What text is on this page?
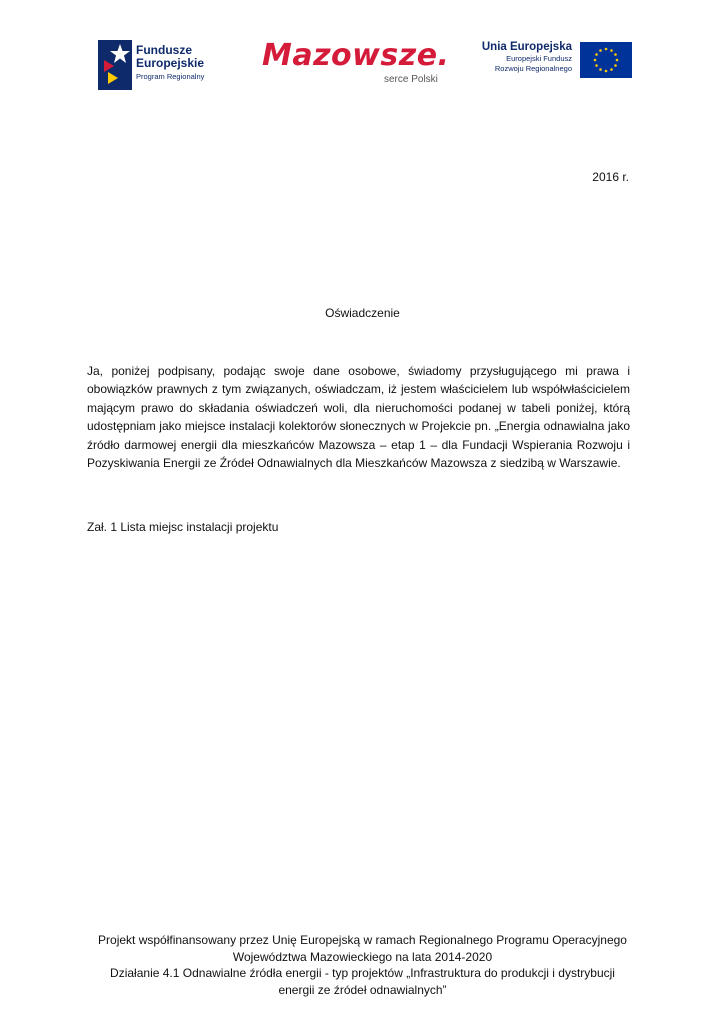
Fundusze
Europejskie
Program Regionalny
Mazowsze.
serce Polski
Unia Europejska
Europejski Fundusz
Rozwoju Regionalnego
2016 r.
Oświadczenie
Ja, poniżej podpisany, podając swoje dane osobowe, świadomy przysługującego mi prawa i obowiązków prawnych z tym związanych, oświadczam, iż jestem właścicielem lub współwłaścicielem mającym prawo do składania oświadczeń woli, dla nieruchomości podanej w tabeli poniżej, którą udostępniam jako miejsce instalacji kolektorów słonecznych w Projekcie pn. „Energia odnawialna jako źródło darmowej energii dla mieszkańców Mazowsza – etap 1 – dla Fundacji Wspierania Rozwoju i Pozyskiwania Energii ze Źródeł Odnawialnych dla Mieszkańców Mazowsza z siedzibą w Warszawie.
Zał. 1 Lista miejsc instalacji projektu
Projekt współfinansowany przez Unię Europejską w ramach Regionalnego Programu Operacyjnego
Województwa Mazowieckiego na lata 2014-2020
Działanie 4.1 Odnawialne źródła energii - typ projektów „Infrastruktura do produkcji i dystrybucji
energii ze źródeł odnawialnych”
